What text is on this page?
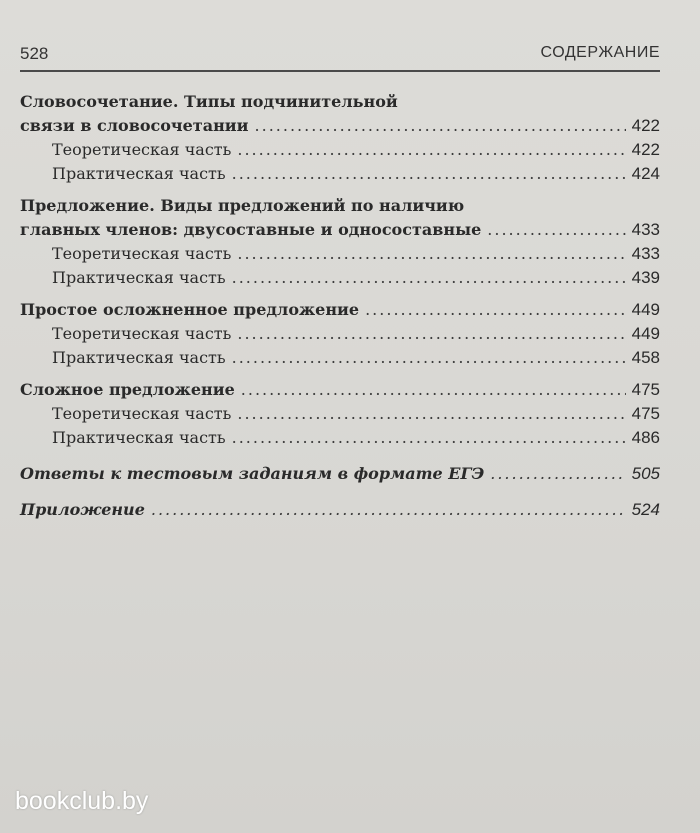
528	СОДЕРЖАНИЕ
Словосочетание. Типы подчинительной
связи в словосочетании .....	422
Теоретическая часть .....	422
Практическая часть .....	424
Предложение. Виды предложений по наличию
главных членов: двусоставные и односоставные .....	433
Теоретическая часть .....	433
Практическая часть .....	439
Простое осложненное предложение .....	449
Теоретическая часть .....	449
Практическая часть .....	458
Сложное предложение .....	475
Теоретическая часть .....	475
Практическая часть .....	486
Ответы к тестовым заданиям в формате ЕГЭ .....	505
Приложение .....	524
bookclub.by
